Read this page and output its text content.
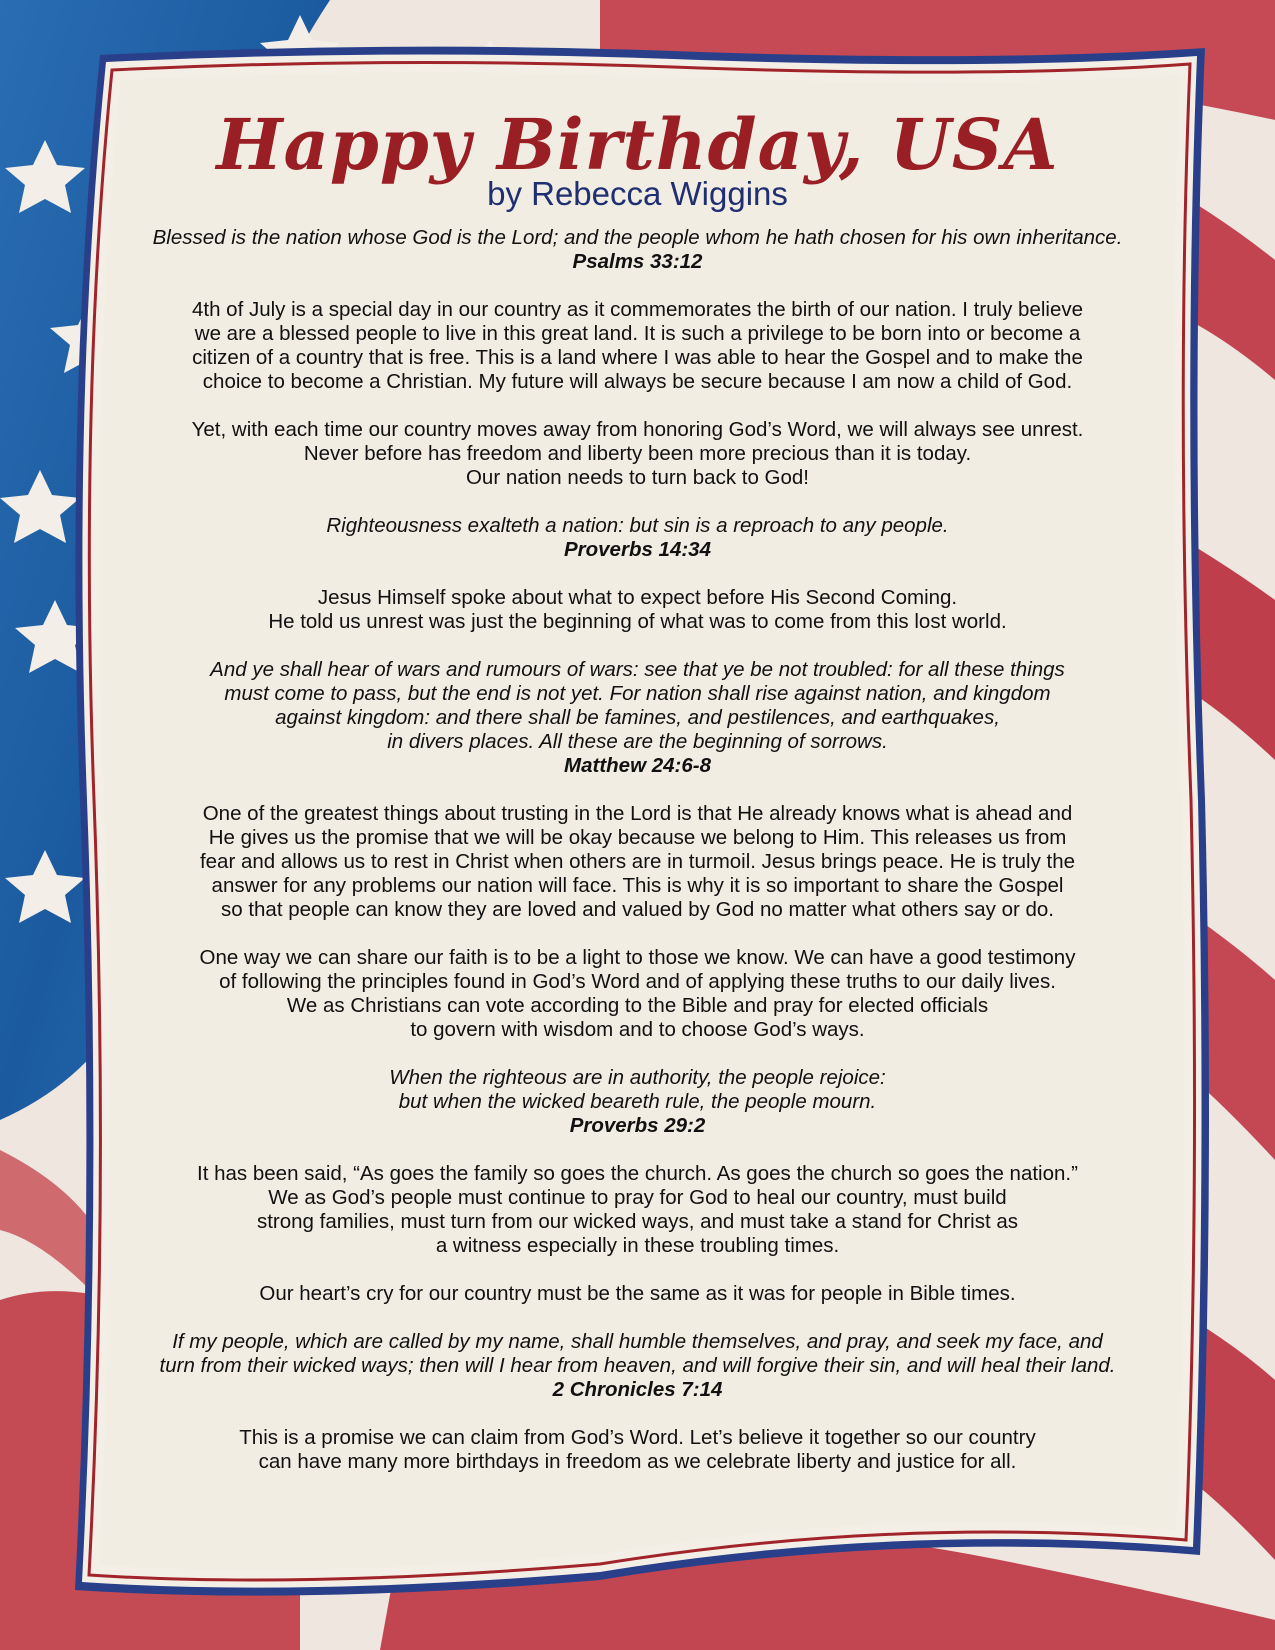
Happy Birthday, USA
by Rebecca Wiggins
Blessed is the nation whose God is the Lord; and the people whom he hath chosen for his own inheritance.
Psalms 33:12
4th of July is a special day in our country as it commemorates the birth of our nation. I truly believe
we are a blessed people to live in this great land. It is such a privilege to be born into or become a
citizen of a country that is free. This is a land where I was able to hear the Gospel and to make the
choice to become a Christian. My future will always be secure because I am now a child of God.
Yet, with each time our country moves away from honoring God’s Word, we will always see unrest.
Never before has freedom and liberty been more precious than it is today.
Our nation needs to turn back to God!
Righteousness exalteth a nation: but sin is a reproach to any people.
Proverbs 14:34
Jesus Himself spoke about what to expect before His Second Coming.
He told us unrest was just the beginning of what was to come from this lost world.
And ye shall hear of wars and rumours of wars: see that ye be not troubled: for all these things
must come to pass, but the end is not yet. For nation shall rise against nation, and kingdom
against kingdom: and there shall be famines, and pestilences, and earthquakes,
in divers places. All these are the beginning of sorrows.
Matthew 24:6-8
One of the greatest things about trusting in the Lord is that He already knows what is ahead and
He gives us the promise that we will be okay because we belong to Him. This releases us from
fear and allows us to rest in Christ when others are in turmoil. Jesus brings peace. He is truly the
answer for any problems our nation will face. This is why it is so important to share the Gospel
so that people can know they are loved and valued by God no matter what others say or do.
One way we can share our faith is to be a light to those we know. We can have a good testimony
of following the principles found in God’s Word and of applying these truths to our daily lives.
We as Christians can vote according to the Bible and pray for elected officials
to govern with wisdom and to choose God’s ways.
When the righteous are in authority, the people rejoice:
but when the wicked beareth rule, the people mourn.
Proverbs 29:2
It has been said, “As goes the family so goes the church. As goes the church so goes the nation.”
We as God’s people must continue to pray for God to heal our country, must build
strong families, must turn from our wicked ways, and must take a stand for Christ as
a witness especially in these troubling times.
Our heart’s cry for our country must be the same as it was for people in Bible times.
If my people, which are called by my name, shall humble themselves, and pray, and seek my face, and
turn from their wicked ways; then will I hear from heaven, and will forgive their sin, and will heal their land.
2 Chronicles 7:14
This is a promise we can claim from God’s Word. Let’s believe it together so our country
can have many more birthdays in freedom as we celebrate liberty and justice for all.
